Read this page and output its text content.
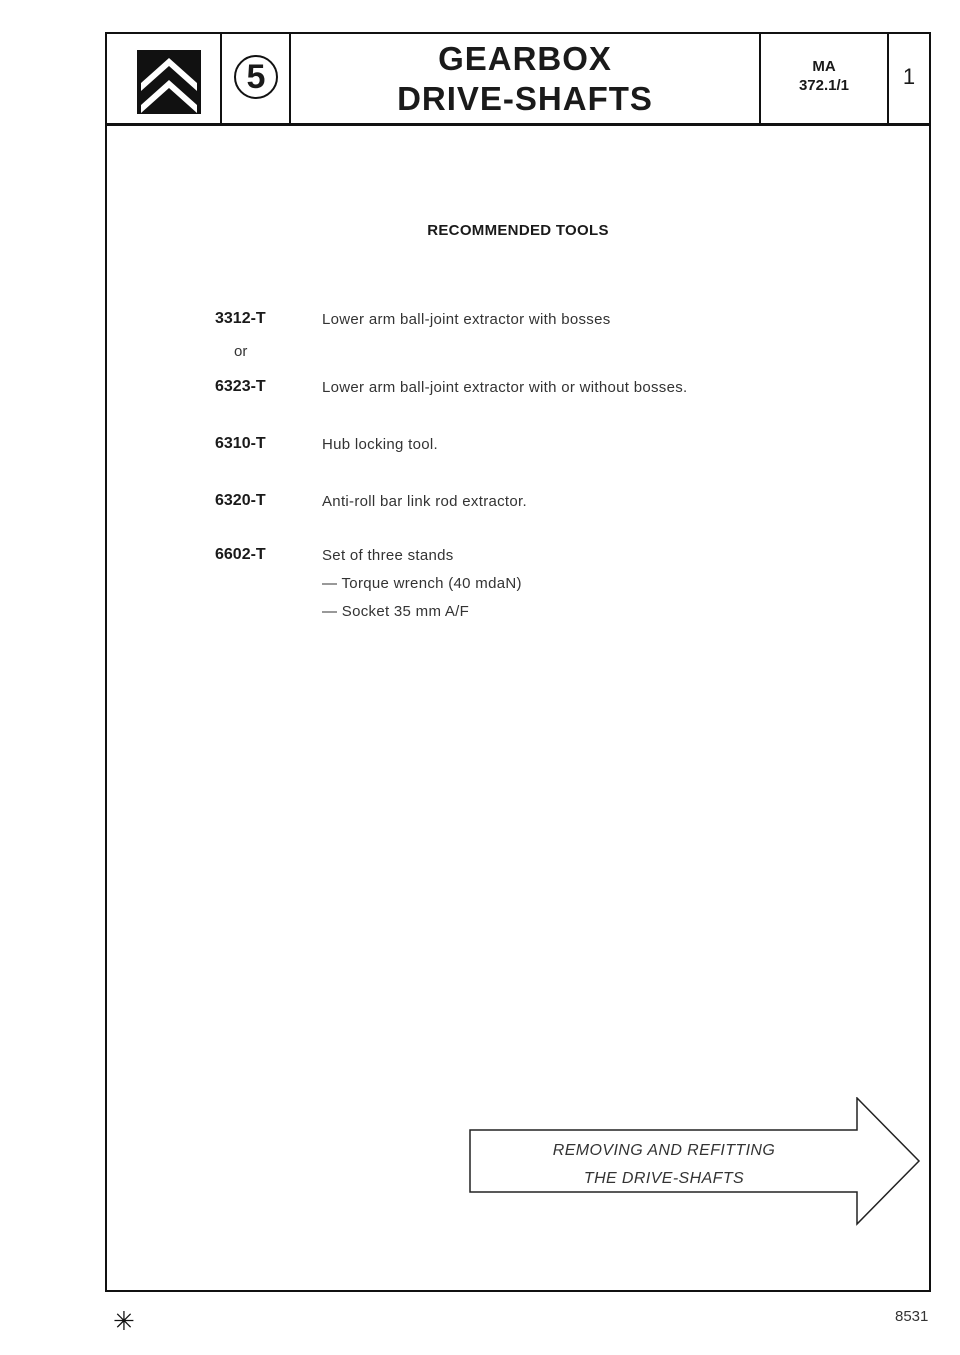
5	GEARBOX
DRIVE-SHAFTS
MA
372.1/1	1
RECOMMENDED TOOLS
3312-T	Lower arm ball-joint extractor with bosses
or
6323-T	Lower arm ball-joint extractor with or without bosses.
6310-T	Hub locking tool.
6320-T	Anti-roll bar link rod extractor.
6602-T	Set of three stands
— Torque wrench (40 mdaN)
— Socket 35 mm A/F
REMOVING AND REFITTING
THE DRIVE-SHAFTS
✳	8531
